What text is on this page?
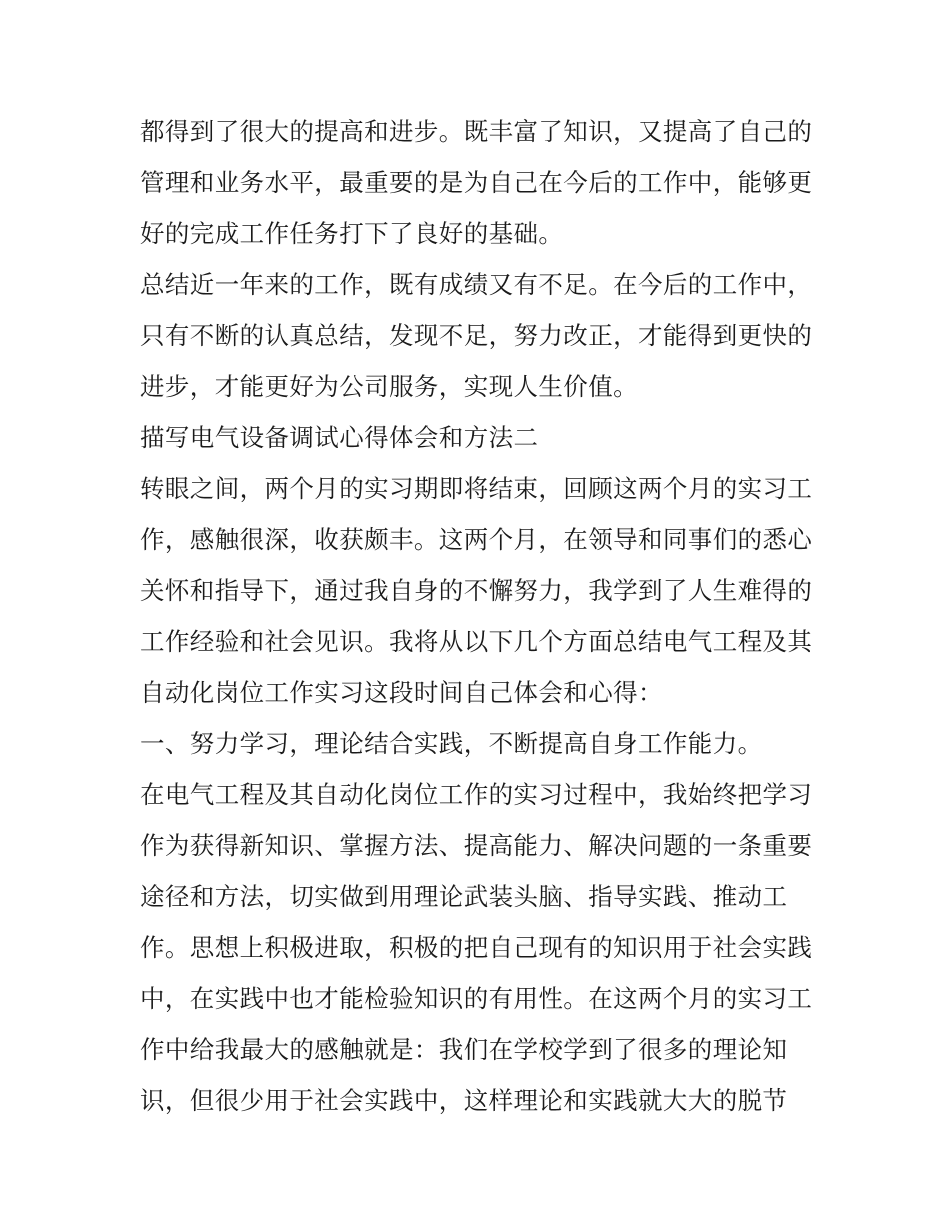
都得到了很大的提高和进步。既丰富了知识，又提高了自己的
管理和业务水平，最重要的是为自己在今后的工作中，能够更
好的完成工作任务打下了良好的基础。
总结近一年来的工作，既有成绩又有不足。在今后的工作中，
只有不断的认真总结，发现不足，努力改正，才能得到更快的
进步，才能更好为公司服务，实现人生价值。
描写电气设备调试心得体会和方法二
转眼之间，两个月的实习期即将结束，回顾这两个月的实习工
作，感触很深，收获颇丰。这两个月，在领导和同事们的悉心
关怀和指导下，通过我自身的不懈努力，我学到了人生难得的
工作经验和社会见识。我将从以下几个方面总结电气工程及其
自动化岗位工作实习这段时间自己体会和心得：
一、努力学习，理论结合实践，不断提高自身工作能力。
在电气工程及其自动化岗位工作的实习过程中，我始终把学习
作为获得新知识、掌握方法、提高能力、解决问题的一条重要
途径和方法，切实做到用理论武装头脑、指导实践、推动工
作。思想上积极进取，积极的把自己现有的知识用于社会实践
中，在实践中也才能检验知识的有用性。在这两个月的实习工
作中给我最大的感触就是：我们在学校学到了很多的理论知
识，但很少用于社会实践中，这样理论和实践就大大的脱节
